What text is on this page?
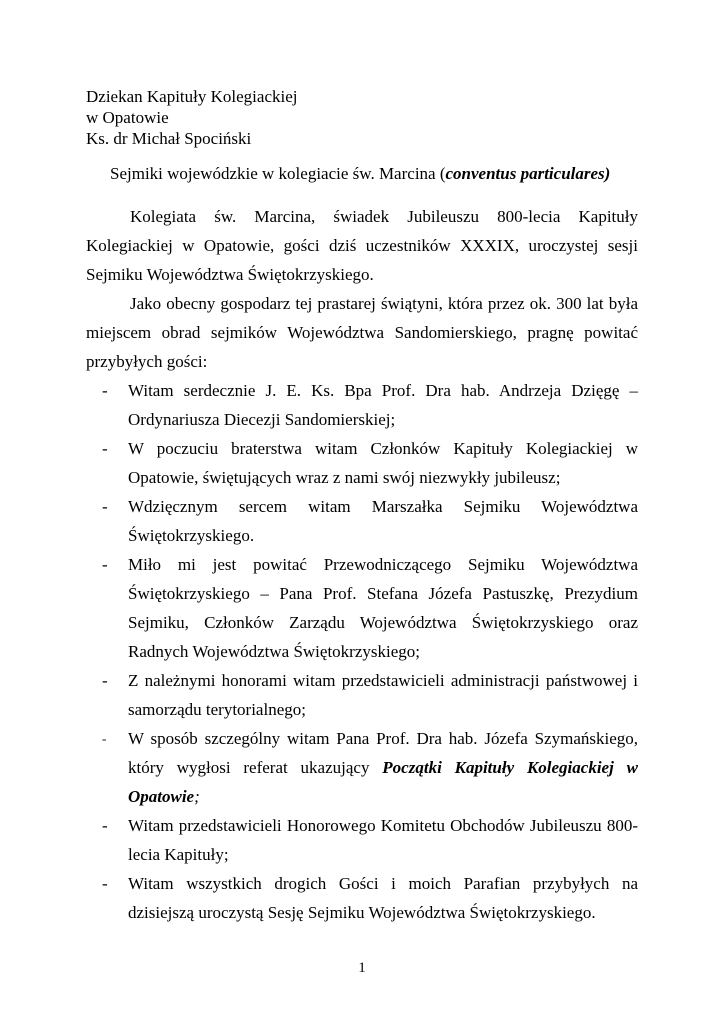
Dziekan Kapituły Kolegiackiej
w Opatowie
Ks. dr Michał Spociński
Sejmiki wojewódzkie w kolegiacie św. Marcina (conventus particulares)

Kolegiata św. Marcina, świadek Jubileuszu 800-lecia Kapituły Kolegiackiej w Opatowie, gości dziś uczestników XXXIX, uroczystej sesji Sejmiku Województwa Świętokrzyskiego.

Jako obecny gospodarz tej prastarej świątyni, która przez ok. 300 lat była miejscem obrad sejmików Województwa Sandomierskiego, pragnę powitać przybyłych gości:

- Witam serdecznie J. E. Ks. Bpa Prof. Dra hab. Andrzeja Dzięgę – Ordynariusza Diecezji Sandomierskiej;
- W poczuciu braterstwa witam Członków Kapituły Kolegiackiej w Opatowie, świętujących wraz z nami swój niezwykły jubileusz;
- Wdzięcznym sercem witam Marszałka Sejmiku Województwa Świętokrzyskiego.
- Miło mi jest powitać Przewodniczącego Sejmiku Województwa Świętokrzyskiego – Pana Prof. Stefana Józefa Pastuszkę, Prezydium Sejmiku, Członków Zarządu Województwa Świętokrzyskiego oraz Radnych Województwa Świętokrzyskiego;
- Z należnymi honorami witam przedstawicieli administracji państwowej i samorządu terytorialnego;
- W sposób szczególny witam Pana Prof. Dra hab. Józefa Szymańskiego, który wygłosi referat ukazujący Początki Kapituły Kolegiackiej w Opatowie;
- Witam przedstawicieli Honorowego Komitetu Obchodów Jubileuszu 800-lecia Kapituły;
- Witam wszystkich drogich Gości i moich Parafian przybyłych na dzisiejszą uroczystą Sesję Sejmiku Województwa Świętokrzyskiego.
1
